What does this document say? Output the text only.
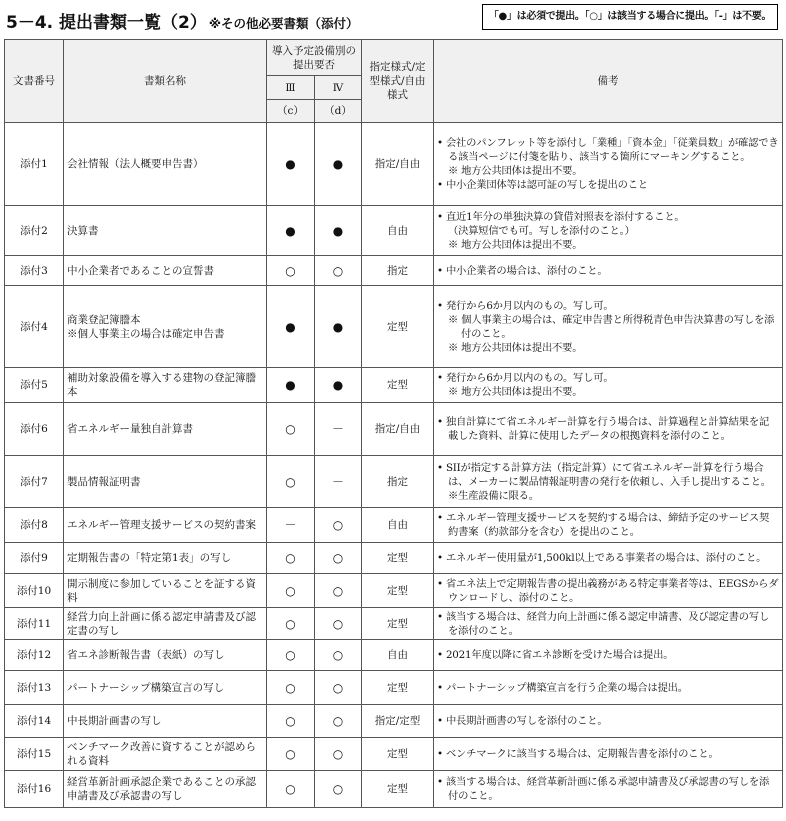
5－4. 提出書類一覧（2） ※その他必要書類（添付）	「●」は必須で提出。「○」は該当する場合に提出。「-」は不要。
文書番号	書類名称	導入予定設備別の提出要否		指定様式/定型様式/自由様式	備考
		Ⅲ	Ⅳ		
		（c）	（d）		
添付1	会社情報（法人概要申告書）	●	●	指定/自由	• 会社のパンフレット等を添付し「業種」「資本金」「従業員数」が確認できる該当ページに付箋を貼り、該当する箇所にマーキングすること。
※ 地方公共団体は提出不要。
• 中小企業団体等は認可証の写しを提出のこと

添付2	決算書	●	●	自由	• 直近1年分の単独決算の貸借対照表を添付すること。
（決算短信でも可。写しを添付のこと。）
※ 地方公共団体は提出不要。

添付3	中小企業者であることの宣誓書	○	○	指定	• 中小企業者の場合は、添付のこと。

添付4	商業登記簿謄本
※個人事業主の場合は確定申告書	●	●	定型	• 発行から6か月以内のもの。写し可。
※ 個人事業主の場合は、確定申告書と所得税青色申告決算書の写しを添付のこと。
※ 地方公共団体は提出不要。

添付5	補助対象設備を導入する建物の登記簿謄本	●	●	定型	• 発行から6か月以内のもの。写し可。
※ 地方公共団体は提出不要。

添付6	省エネルギー量独自計算書	○	－	指定/自由	• 独自計算にて省エネルギー計算を行う場合は、計算過程と計算結果を記載した資料、計算に使用したデータの根拠資料を添付のこと。

添付7	製品情報証明書	○	－	指定	• SIIが指定する計算方法（指定計算）にて省エネルギー計算を行う場合は、メーカーに製品情報証明書の発行を依頼し、入手し提出すること。※生産設備に限る。

添付8	エネルギー管理支援サービスの契約書案	－	○	自由	• エネルギー管理支援サービスを契約する場合は、締結予定のサービス契約書案（約款部分を含む）を提出のこと。

添付9	定期報告書の「特定第1表」の写し	○	○	定型	• エネルギー使用量が1,500kl以上である事業者の場合は、添付のこと。

添付10	開示制度に参加していることを証する資料	○	○	定型	• 省エネ法上で定期報告書の提出義務がある特定事業者等は、EEGSからダウンロードし、添付のこと。

添付11	経営力向上計画に係る認定申請書及び認定書の写し	○	○	定型	• 該当する場合は、経営力向上計画に係る認定申請書、及び認定書の写しを添付のこと。

添付12	省エネ診断報告書（表紙）の写し	○	○	自由	• 2021年度以降に省エネ診断を受けた場合は提出。

添付13	パートナーシップ構築宣言の写し	○	○	定型	• パートナーシップ構築宣言を行う企業の場合は提出。

添付14	中長期計画書の写し	○	○	指定/定型	• 中長期計画書の写しを添付のこと。

添付15	ベンチマーク改善に資することが認められる資料	○	○	定型	• ベンチマークに該当する場合は、定期報告書を添付のこと。

添付16	経営革新計画承認企業であることの承認申請書及び承認書の写し	○	○	定型	• 該当する場合は、経営革新計画に係る承認申請書及び承認書の写しを添付のこと。
